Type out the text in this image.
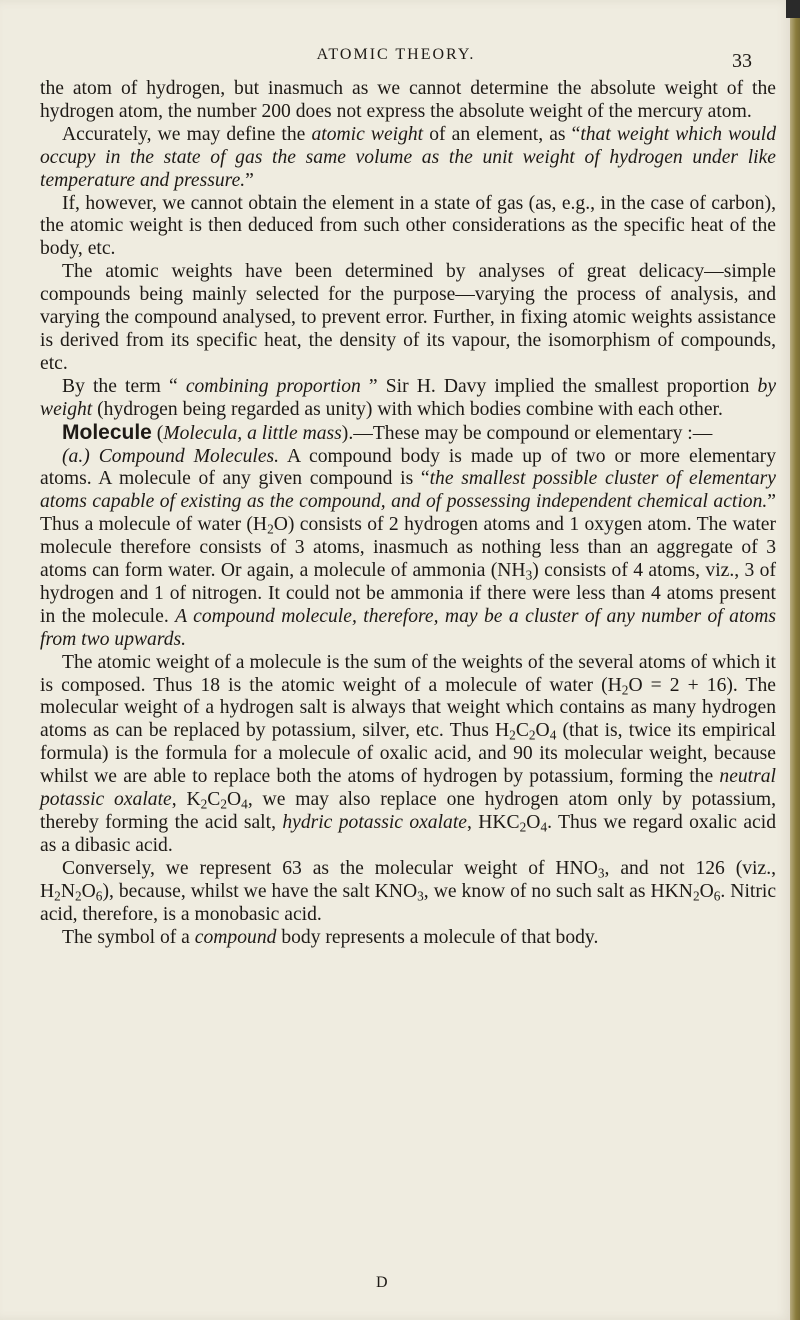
ATOMIC THEORY.	33

the atom of hydrogen, but inasmuch as we cannot determine the absolute weight of the hydrogen atom, the number 200 does not express the absolute weight of the mercury atom.

Accurately, we may define the atomic weight of an element, as “that weight which would occupy in the state of gas the same volume as the unit weight of hydrogen under like temperature and pressure.”

If, however, we cannot obtain the element in a state of gas (as, e.g., in the case of carbon), the atomic weight is then deduced from such other considerations as the specific heat of the body, etc.

The atomic weights have been determined by analyses of great delicacy—simple compounds being mainly selected for the purpose—varying the process of analysis, and varying the compound analysed, to prevent error. Further, in fixing atomic weights assistance is derived from its specific heat, the density of its vapour, the isomorphism of compounds, etc.

By the term “ combining proportion ” Sir H. Davy implied the smallest proportion by weight (hydrogen being regarded as unity) with which bodies combine with each other.

Molecule (Molecula, a little mass).—These may be compound or elementary :—

(a.) Compound Molecules. A compound body is made up of two or more elementary atoms. A molecule of any given compound is “the smallest possible cluster of elementary atoms capable of existing as the compound, and of possessing independent chemical action.” Thus a molecule of water $(H_2O)$ consists of 2 hydrogen atoms and 1 oxygen atom. The water molecule therefore consists of 3 atoms, inasmuch as nothing less than an aggregate of 3 atoms can form water. Or again, a molecule of ammonia $(NH_3)$ consists of 4 atoms, viz., 3 of hydrogen and 1 of nitrogen. It could not be ammonia if there were less than 4 atoms present in the molecule. A compound molecule, therefore, may be a cluster of any number of atoms from two upwards.

The atomic weight of a molecule is the sum of the weights of the several atoms of which it is composed. Thus 18 is the atomic weight of a molecule of water $(H_2O = 2 + 16)$. The molecular weight of a hydrogen salt is always that weight which contains as many hydrogen atoms as can be replaced by potassium, silver, etc. Thus $H_2C_2O_4$ (that is, twice its empirical formula) is the formula for a molecule of oxalic acid, and 90 its molecular weight, because whilst we are able to replace both the atoms of hydrogen by potassium, forming the neutral potassic oxalate, $K_2C_2O_4$, we may also replace one hydrogen atom only by potassium, thereby forming the acid salt, hydric potassic oxalate, $HKC_2O_4$. Thus we regard oxalic acid as a dibasic acid.

Conversely, we represent 63 as the molecular weight of $HNO_3$, and not 126 (viz., $H_2N_2O_6$), because, whilst we have the salt $KNO_3$, we know of no such salt as $HKN_2O_6$. Nitric acid, therefore, is a monobasic acid.

The symbol of a compound body represents a molecule of that body.

D
